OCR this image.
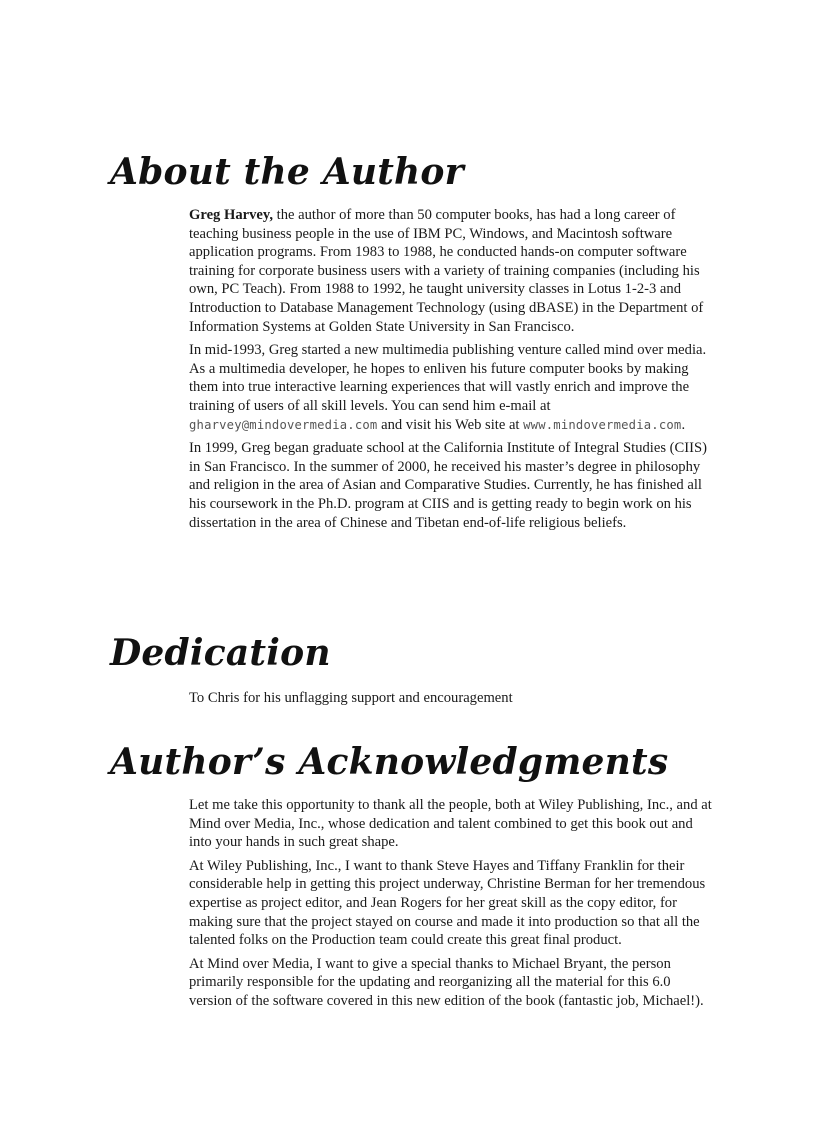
About the Author

Greg Harvey, the author of more than 50 computer books, has had a long career of teaching business people in the use of IBM PC, Windows, and Macintosh software application programs. From 1983 to 1988, he conducted hands-on computer software training for corporate business users with a variety of training companies (including his own, PC Teach). From 1988 to 1992, he taught university classes in Lotus 1-2-3 and Introduction to Database Management Technology (using dBASE) in the Department of Information Systems at Golden State University in San Francisco.

In mid-1993, Greg started a new multimedia publishing venture called mind over media. As a multimedia developer, he hopes to enliven his future computer books by making them into true interactive learning experiences that will vastly enrich and improve the training of users of all skill levels. You can send him e-mail at gharvey@mindovermedia.com and visit his Web site at www.mindovermedia.com.

In 1999, Greg began graduate school at the California Institute of Integral Studies (CIIS) in San Francisco. In the summer of 2000, he received his master’s degree in philosophy and religion in the area of Asian and Comparative Studies. Currently, he has finished all his coursework in the Ph.D. program at CIIS and is getting ready to begin work on his dissertation in the area of Chinese and Tibetan end-of-life religious beliefs.

Dedication

To Chris for his unflagging support and encouragement

Author’s Acknowledgments

Let me take this opportunity to thank all the people, both at Wiley Publishing, Inc., and at Mind over Media, Inc., whose dedication and talent combined to get this book out and into your hands in such great shape.

At Wiley Publishing, Inc., I want to thank Steve Hayes and Tiffany Franklin for their considerable help in getting this project underway, Christine Berman for her tremendous expertise as project editor, and Jean Rogers for her great skill as the copy editor, for making sure that the project stayed on course and made it into production so that all the talented folks on the Production team could create this great final product.

At Mind over Media, I want to give a special thanks to Michael Bryant, the person primarily responsible for the updating and reorganizing all the material for this 6.0 version of the software covered in this new edition of the book (fantastic job, Michael!).
